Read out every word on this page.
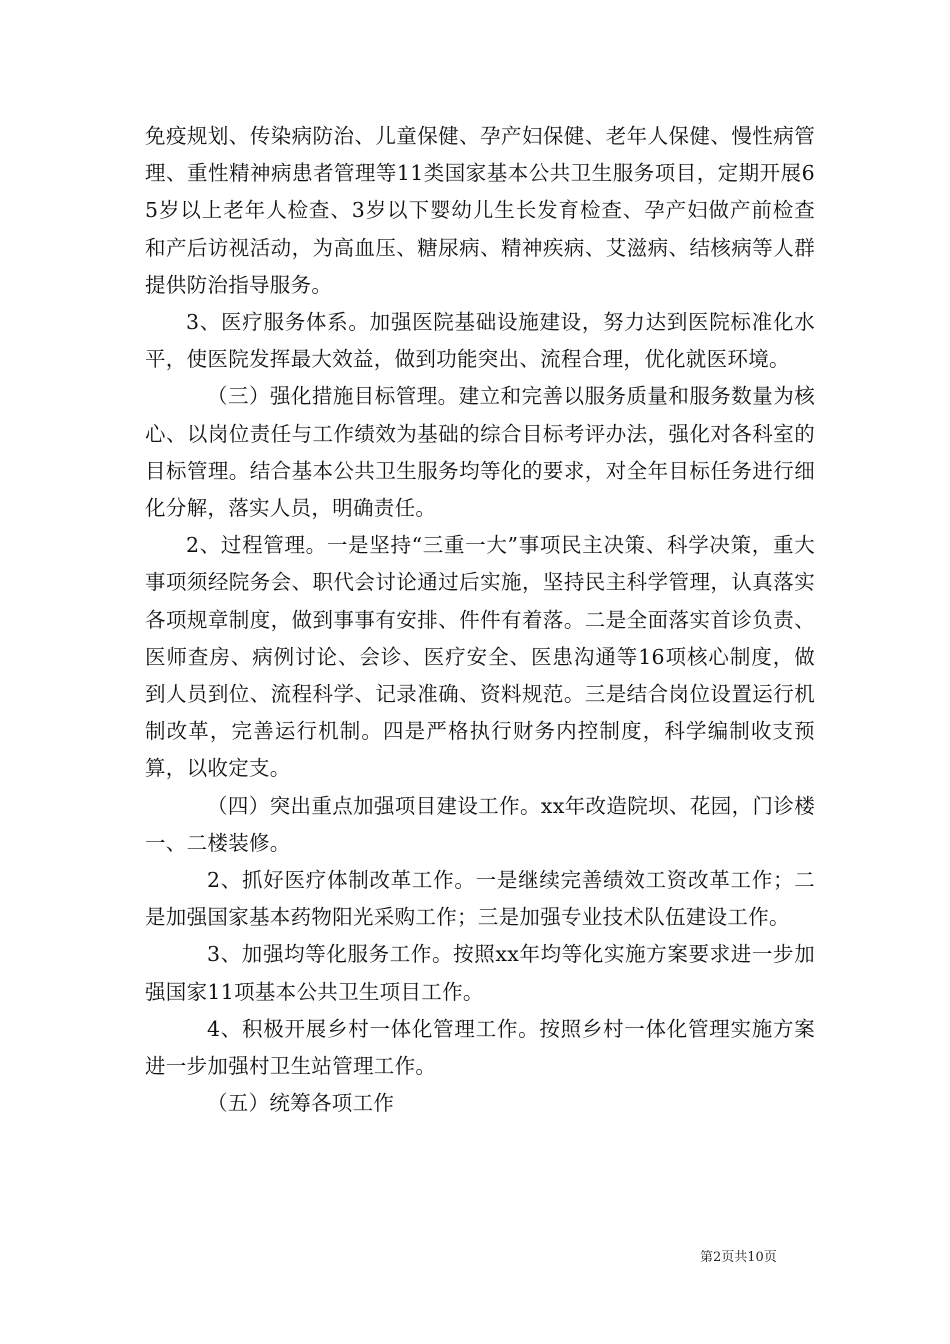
免疫规划、传染病防治、儿童保健、孕产妇保健、老年人保健、慢性病管理、重性精神病患者管理等11类国家基本公共卫生服务项目，定期开展65岁以上老年人检查、3岁以下婴幼儿生长发育检查、孕产妇做产前检查和产后访视活动，为高血压、糖尿病、精神疾病、艾滋病、结核病等人群提供防治指导服务。

3、医疗服务体系。加强医院基础设施建设，努力达到医院标准化水平，使医院发挥最大效益，做到功能突出、流程合理，优化就医环境。

（三）强化措施目标管理。建立和完善以服务质量和服务数量为核心、以岗位责任与工作绩效为基础的综合目标考评办法，强化对各科室的目标管理。结合基本公共卫生服务均等化的要求，对全年目标任务进行细化分解，落实人员，明确责任。

2、过程管理。一是坚持“三重一大”事项民主决策、科学决策，重大事项须经院务会、职代会讨论通过后实施，坚持民主科学管理，认真落实各项规章制度，做到事事有安排、件件有着落。二是全面落实首诊负责、医师查房、病例讨论、会诊、医疗安全、医患沟通等16项核心制度，做到人员到位、流程科学、记录准确、资料规范。三是结合岗位设置运行机制改革，完善运行机制。四是严格执行财务内控制度，科学编制收支预算，以收定支。

（四）突出重点加强项目建设工作。xx年改造院坝、花园，门诊楼一、二楼装修。

2、抓好医疗体制改革工作。一是继续完善绩效工资改革工作；二是加强国家基本药物阳光采购工作；三是加强专业技术队伍建设工作。

3、加强均等化服务工作。按照xx年均等化实施方案要求进一步加强国家11项基本公共卫生项目工作。

4、积极开展乡村一体化管理工作。按照乡村一体化管理实施方案进一步加强村卫生站管理工作。

（五）统筹各项工作

第2页共10页
